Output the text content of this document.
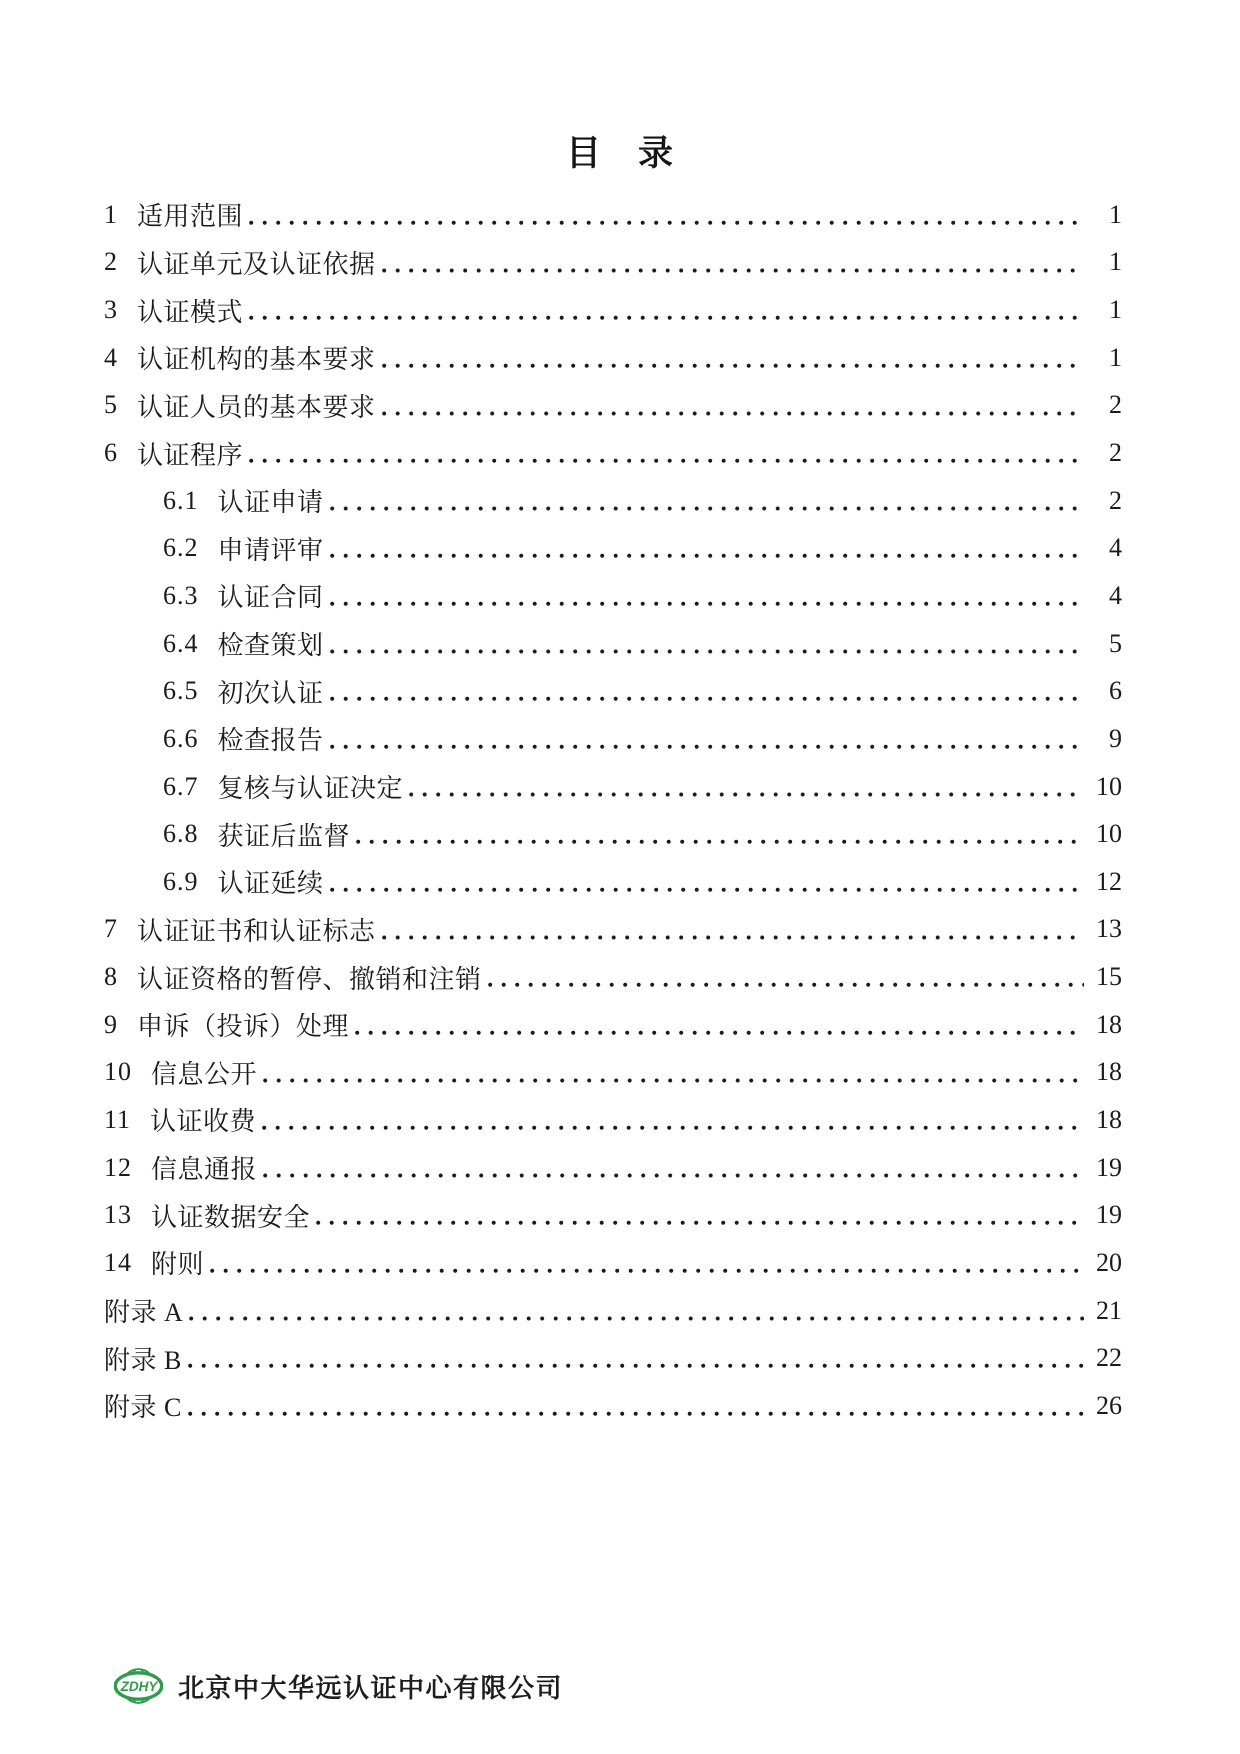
目　录
1 适用范围	1
2 认证单元及认证依据	1
3 认证模式	1
4 认证机构的基本要求	1
5 认证人员的基本要求	2
6 认证程序	2
6.1 认证申请	2
6.2 申请评审	4
6.3 认证合同	4
6.4 检查策划	5
6.5 初次认证	6
6.6 检查报告	9
6.7 复核与认证决定	10
6.8 获证后监督	10
6.9 认证延续	12
7 认证证书和认证标志	13
8 认证资格的暂停、撤销和注销	15
9 申诉（投诉）处理	18
10 信息公开	18
11 认证收费	18
12 信息通报	19
13 认证数据安全	19
14 附则	20
附录 A	21
附录 B	22
附录 C	26
ZDHY 北京中大华远认证中心有限公司
